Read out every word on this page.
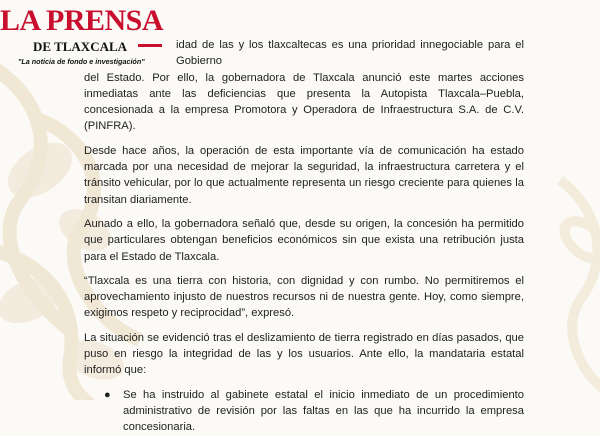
LA PRENSA
DE TLAXCALA
"La noticia de fondo e investigación"

idad de las y los tlaxcaltecas es una prioridad innegociable para el Gobierno

del Estado. Por ello, la gobernadora de Tlaxcala anunció este martes acciones inmediatas ante las deficiencias que presenta la Autopista Tlaxcala–Puebla, concesionada a la empresa Promotora y Operadora de Infraestructura S.A. de C.V. (PINFRA).

Desde hace años, la operación de esta importante vía de comunicación ha estado marcada por una necesidad de mejorar la seguridad, la infraestructura carretera y el tránsito vehicular, por lo que actualmente representa un riesgo creciente para quienes la transitan diariamente.

Aunado a ello, la gobernadora señaló que, desde su origen, la concesión ha permitido que particulares obtengan beneficios económicos sin que exista una retribución justa para el Estado de Tlaxcala.

“Tlaxcala es una tierra con historia, con dignidad y con rumbo. No permitiremos el aprovechamiento injusto de nuestros recursos ni de nuestra gente. Hoy, como siempre, exigimos respeto y reciprocidad”, expresó.

La situación se evidenció tras el deslizamiento de tierra registrado en días pasados, que puso en riesgo la integridad de las y los usuarios. Ante ello, la mandataria estatal informó que:

● Se ha instruido al gabinete estatal el inicio inmediato de un procedimiento administrativo de revisión por las faltas en las que ha incurrido la empresa concesionaria.
